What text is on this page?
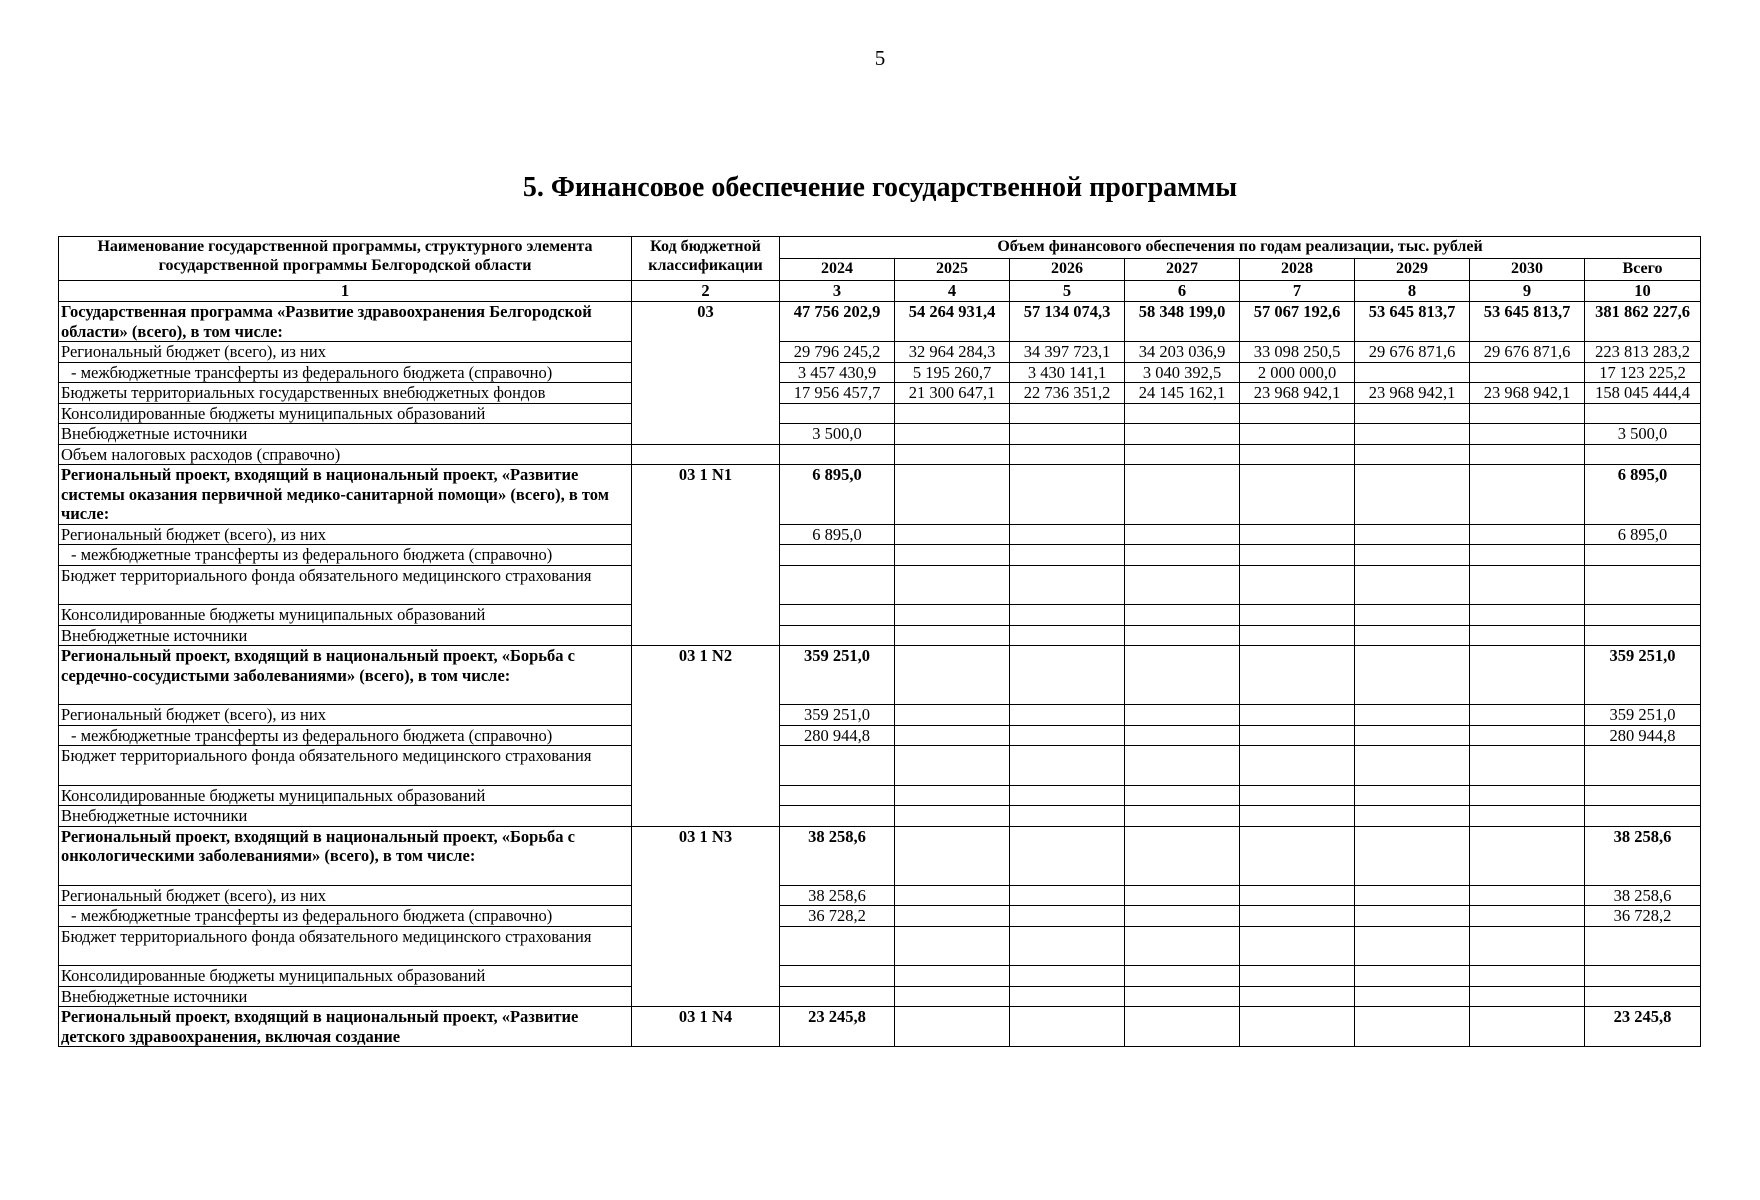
5
5. Финансовое обеспечение государственной программы
Наименование государственной программы, структурного элемента государственной программы Белгородской области	Код бюджетной классификации	Объем финансового обеспечения по годам реализации, тыс. рублей							
		2024	2025	2026	2027	2028	2029	2030	Всего
1	2	3	4	5	6	7	8	9	10
Государственная программа «Развитие здравоохранения Белгородской области» (всего), в том числе:	03	47 756 202,9	54 264 931,4	57 134 074,3	58 348 199,0	57 067 192,6	53 645 813,7	53 645 813,7	381 862 227,6
Региональный бюджет (всего), из них		29 796 245,2	32 964 284,3	34 397 723,1	34 203 036,9	33 098 250,5	29 676 871,6	29 676 871,6	223 813 283,2
- межбюджетные трансферты из федерального бюджета (справочно)		3 457 430,9	5 195 260,7	3 430 141,1	3 040 392,5	2 000 000,0			17 123 225,2
Бюджеты территориальных государственных внебюджетных фондов		17 956 457,7	21 300 647,1	22 736 351,2	24 145 162,1	23 968 942,1	23 968 942,1	23 968 942,1	158 045 444,4
Консолидированные бюджеты муниципальных образований									
Внебюджетные источники		3 500,0							3 500,0
Объем налоговых расходов (справочно)									
Региональный проект, входящий в национальный проект, «Развитие системы оказания первичной медико-санитарной помощи» (всего), в том числе:	03 1 N1	6 895,0							6 895,0
Региональный бюджет (всего), из них		6 895,0							6 895,0
- межбюджетные трансферты из федерального бюджета (справочно)									
Бюджет территориального фонда обязательного медицинского страхования									
Консолидированные бюджеты муниципальных образований									
Внебюджетные источники									
Региональный проект, входящий в национальный проект, «Борьба с сердечно-сосудистыми заболеваниями» (всего), в том числе:	03 1 N2	359 251,0							359 251,0
Региональный бюджет (всего), из них		359 251,0							359 251,0
- межбюджетные трансферты из федерального бюджета (справочно)		280 944,8							280 944,8
Бюджет территориального фонда обязательного медицинского страхования									
Консолидированные бюджеты муниципальных образований									
Внебюджетные источники									
Региональный проект, входящий в национальный проект, «Борьба с онкологическими заболеваниями» (всего), в том числе:	03 1 N3	38 258,6							38 258,6
Региональный бюджет (всего), из них		38 258,6							38 258,6
- межбюджетные трансферты из федерального бюджета (справочно)		36 728,2							36 728,2
Бюджет территориального фонда обязательного медицинского страхования									
Консолидированные бюджеты муниципальных образований									
Внебюджетные источники									
Региональный проект, входящий в национальный проект, «Развитие детского здравоохранения, включая создание	03 1 N4	23 245,8							23 245,8
